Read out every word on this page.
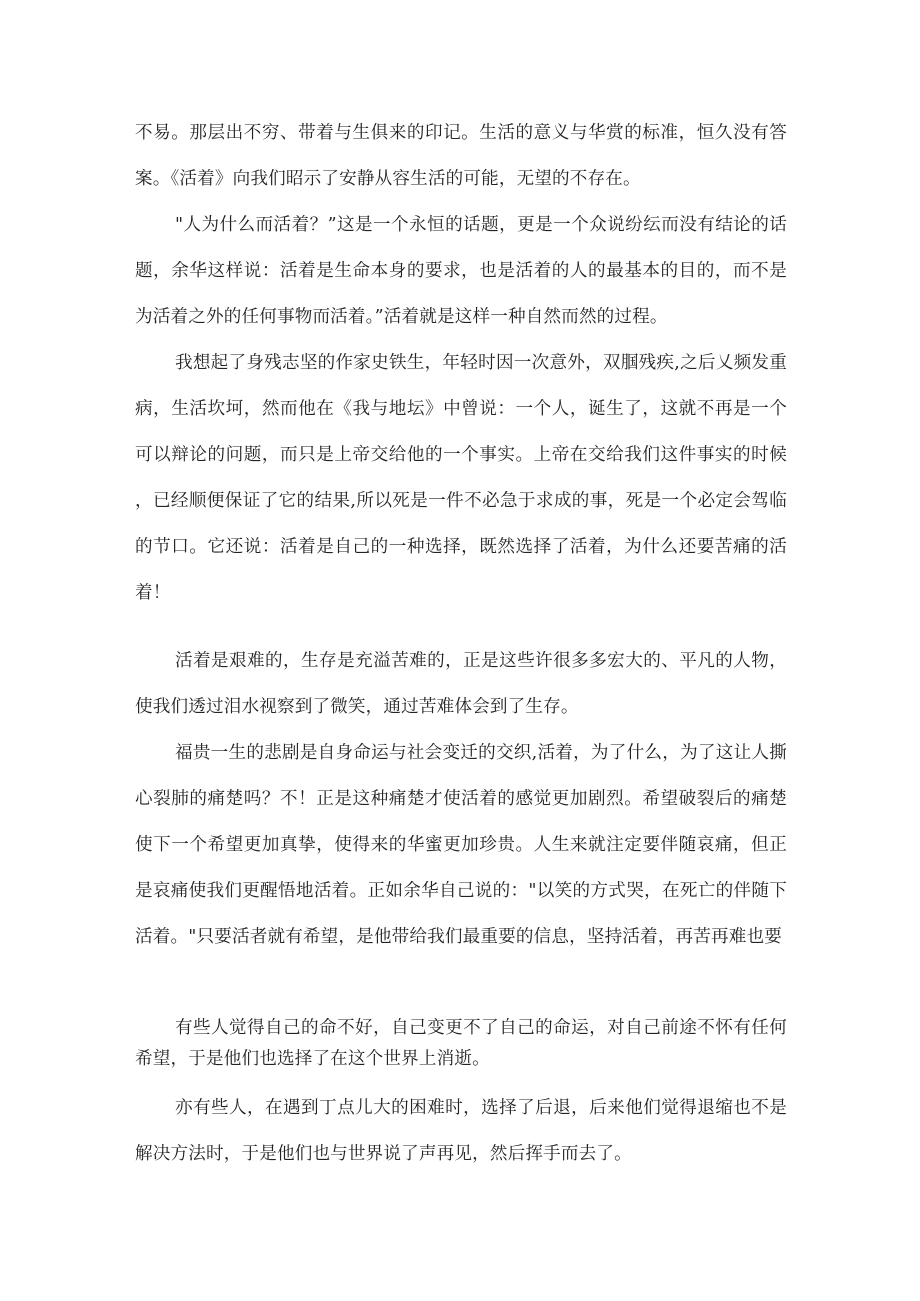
不易。那层出不穷、带着与生俱来的印记。生活的意义与华赏的标准，恒久没有答案。《活着》向我们昭示了安静从容生活的可能，无望的不存在。

"人为什么而活着？”这是一个永恒的话题，更是一个众说纷纭而没有结论的话题，余华这样说：活着是生命本身的要求，也是活着的人的最基本的目的，而不是为活着之外的任何事物而活着。”活着就是这样一种自然而然的过程。

我想起了身残志坚的作家史铁生，年轻时因一次意外，双腘残疾,之后乂频发重病，生活坎坷，然而他在《我与地坛》中曾说：一个人，诞生了，这就不再是一个可以辩论的问题，而只是上帝交给他的一个事实。上帝在交给我们这件事实的时候，已经顺便保证了它的结果,所以死是一件不必急于求成的事，死是一个必定会驾临的节口。它还说：活着是自己的一种选择，既然选择了活着，为什么还要苦痛的活着！

活着是艰难的，生存是充溢苦难的，正是这些许很多多宏大的、平凡的人物，使我们透过泪水视察到了微笑，通过苦难体会到了生存。

福贵一生的悲剧是自身命运与社会变迁的交织,活着，为了什么，为了这让人撕心裂肺的痛楚吗？不！正是这种痛楚才使活着的感觉更加剧烈。希望破裂后的痛楚使下一个希望更加真挚，使得来的华蜜更加珍贵。人生来就注定要伴随哀痛，但正是哀痛使我们更醒悟地活着。正如余华自己说的："以笑的方式哭，在死亡的伴随下活着。"只要活者就有希望，是他带给我们最重要的信息，坚持活着，再苦再难也要

有些人觉得自己的命不好，自己变更不了自己的命运，对自己前途不怀有任何希望，于是他们也选择了在这个世界上消逝。

亦有些人，在遇到丁点儿大的困难时，选择了后退，后来他们觉得退缩也不是解决方法时，于是他们也与世界说了声再见，然后挥手而去了。
